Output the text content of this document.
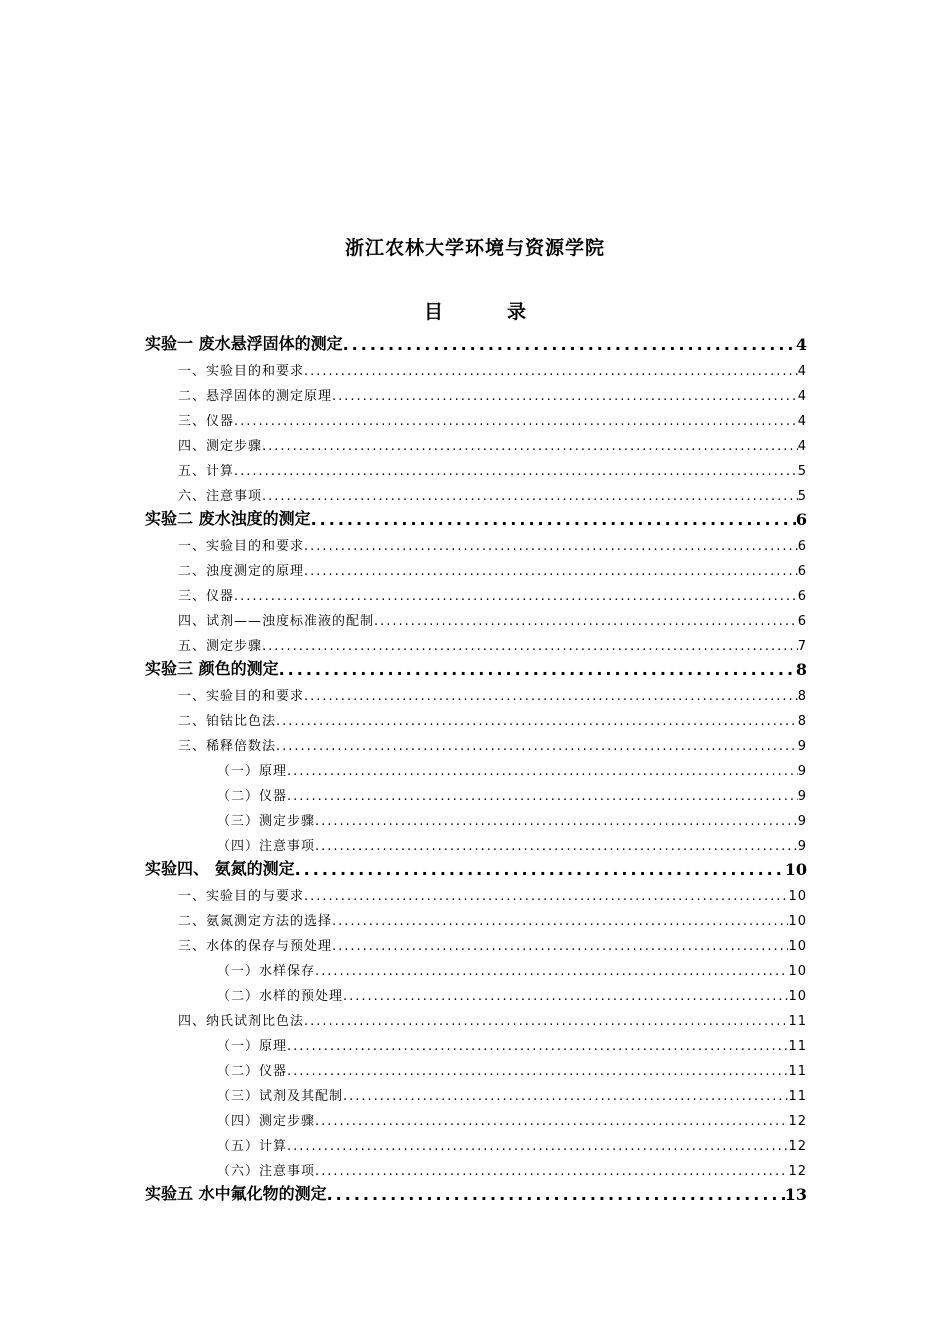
浙江农林大学环境与资源学院
目	录
实验一 废水悬浮固体的测定 .....	4
一、实验目的和要求 .....	4
二、悬浮固体的测定原理 .....	4
三、仪器 .....	4
四、测定步骤 .....	4
五、计算 .....	5
六、注意事项 .....	5
实验二 废水浊度的测定 .....	6
一、实验目的和要求 .....	6
二、浊度测定的原理 .....	6
三、仪器 .....	6
四、试剂——浊度标准液的配制 .....	6
五、测定步骤 .....	7
实验三 颜色的测定 .....	8
一、实验目的和要求 .....	8
二、铂钴比色法 .....	8
三、稀释倍数法 .....	9
（一）原理 .....	9
（二）仪器 .....	9
（三）测定步骤 .....	9
（四）注意事项 .....	9
实验四、 氨氮的测定 .....	10
一、实验目的与要求 .....	10
二、氨氮测定方法的选择 .....	10
三、水体的保存与预处理 .....	10
（一）水样保存 .....	10
（二）水样的预处理 .....	10
四、纳氏试剂比色法 .....	11
（一）原理 .....	11
（二）仪器 .....	11
（三）试剂及其配制 .....	11
（四）测定步骤 .....	12
（五）计算 .....	12
（六）注意事项 .....	12
实验五 水中氟化物的测定 .....	13
